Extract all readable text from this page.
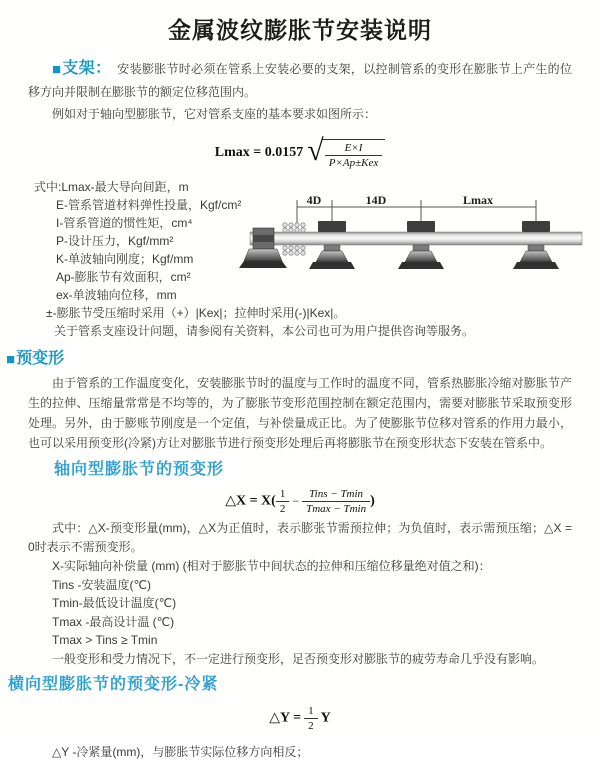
金属波纹膨胀节安装说明

■支架： 安装膨胀节时必须在管系上安装必要的支架，以控制管系的变形在膨胀节上产生的位移方向并限制在膨胀节的额定位移范围内。

例如对于轴向型膨胀节，它对管系支座的基本要求如图所示：

Lmax = 0.0157 √ $\frac{E\times I}{\text{P×Ap±Kex}}$
式中:Lmax-最大导向间距，m
E-管系管道材料弹性投量，Kgf/cm²
I-管系管道的惯性矩，cm⁴
P-设计压力，Kgf/mm²
K-单波轴向刚度；Kgf/mm
Ap-膨胀节有效面积，cm²
ex-单波轴向位移，mm
±-膨胀节受压缩时采用（+）|Kex|；拉伸时采用(-)|Kex|。
关于管系支座设计问题，请参阅有关资料，本公司也可为用户提供咨询等服务。
■预变形

由于管系的工作温度变化，安装膨胀节时的温度与工作时的温度不同，管系热膨胀冷缩对膨胀节产生的拉伸、压缩量常常是不均等的，为了膨胀节变形范围控制在额定范围内，需要对膨胀节采取预变形处理。另外，由于膨账节刚度是一个定值，与补偿量成正比。为了使膨胀节位移对管系的作用力最小，也可以采用预变形(冷紧)方让对膨胀节进行预变形处理后再将膨胀节在预变形状态下安装在管系中。

轴向型膨胀节的预变形
△X = $X( \frac{1}{2} - \frac{\text{Tins − Tmin}}{Tmax - Tmin}$ )

式中：△X-预变形量(mm)，△X为正值时，表示膨张节需预拉伸；为负值时，表示需预压缩；△X = 0时表示不需预变形。

X-实际轴向补偿量 (mm) (相对于膨胀节中间状态的拉伸和压缩位移量绝对值之和)：
Tins -安装温度(℃)
Tmin-最低设计温度(℃)
Tmax -最高设计温 (℃)
Tmax > Tins ≥ Tmin
一般变形和受力情况下，不一定进行预变形，足否预变形对膨胀节的疲劳寿命几乎没有影响。
横向型膨胀节的预变形-冷紧
△Y = $\frac{1}{2}$ Y
△Y -冷紧量(mm)，与膨胀节实际位移方向相反；
4D	14D	Lmax
